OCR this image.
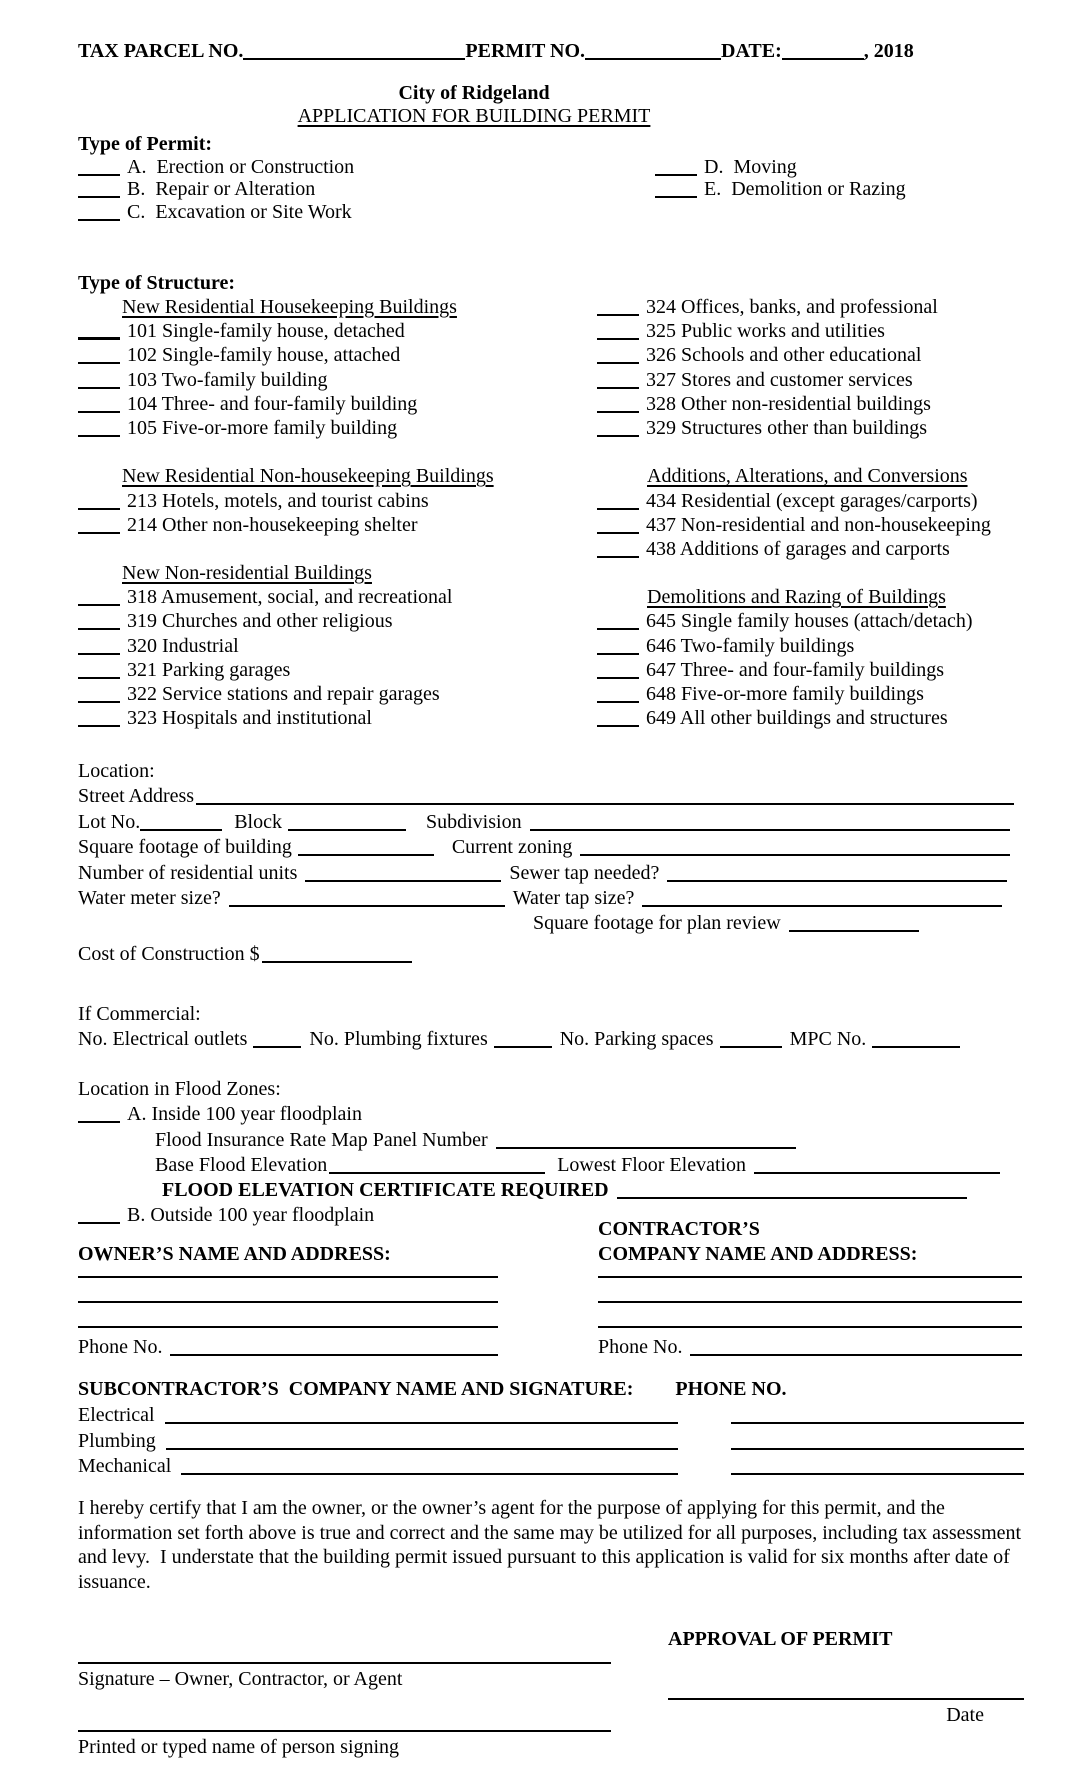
TAX PARCEL NO.	PERMIT NO.	DATE:	, 2018
City of Ridgeland
APPLICATION FOR BUILDING PERMIT
Type of Permit:
A.  Erection or Construction	D.  Moving
B.  Repair or Alteration	E.  Demolition or Razing
C.  Excavation or Site Work
Type of Structure:
New Residential Housekeeping Buildings	324 Offices, banks, and professional
101 Single-family house, detached	325 Public works and utilities
102 Single-family house, attached	326 Schools and other educational
103 Two-family building	327 Stores and customer services
104 Three- and four-family building	328 Other non-residential buildings
105 Five-or-more family building	329 Structures other than buildings
New Residential Non-housekeeping Buildings	Additions, Alterations, and Conversions
213 Hotels, motels, and tourist cabins	434 Residential (except garages/carports)
214 Other non-housekeeping shelter	437 Non-residential and non-housekeeping
438 Additions of garages and carports
New Non-residential Buildings
318 Amusement, social, and recreational	Demolitions and Razing of Buildings
319 Churches and other religious	645 Single family houses (attach/detach)
320 Industrial	646 Two-family buildings
321 Parking garages	647 Three- and four-family buildings
322 Service stations and repair garages	648 Five-or-more family buildings
323 Hospitals and institutional	649 All other buildings and structures
Location:
Street Address
Lot No.	Block	Subdivision
Square footage of building	Current zoning
Number of residential units	Sewer tap needed?
Water meter size?	Water tap size?
Square footage for plan review
Cost of Construction $
If Commercial:
No. Electrical outlets	No. Plumbing fixtures	No. Parking spaces	MPC No.
Location in Flood Zones:
A. Inside 100 year floodplain
Flood Insurance Rate Map Panel Number
Base Flood Elevation	Lowest Floor Elevation
FLOOD ELEVATION CERTIFICATE REQUIRED
B. Outside 100 year floodplain
CONTRACTOR’S
OWNER’S NAME AND ADDRESS:	COMPANY NAME AND ADDRESS:
Phone No.	Phone No.
SUBCONTRACTOR’S  COMPANY NAME AND SIGNATURE: PHONE NO.
Electrical
Plumbing
Mechanical
I hereby certify that I am the owner, or the owner’s agent for the purpose of applying for this permit, and the information set forth above is true and correct and the same may be utilized for all purposes, including tax assessment and levy.  I understate that the building permit issued pursuant to this application is valid for six months after date of issuance.
APPROVAL OF PERMIT
Signature – Owner, Contractor, or Agent
Date
Printed or typed name of person signing
